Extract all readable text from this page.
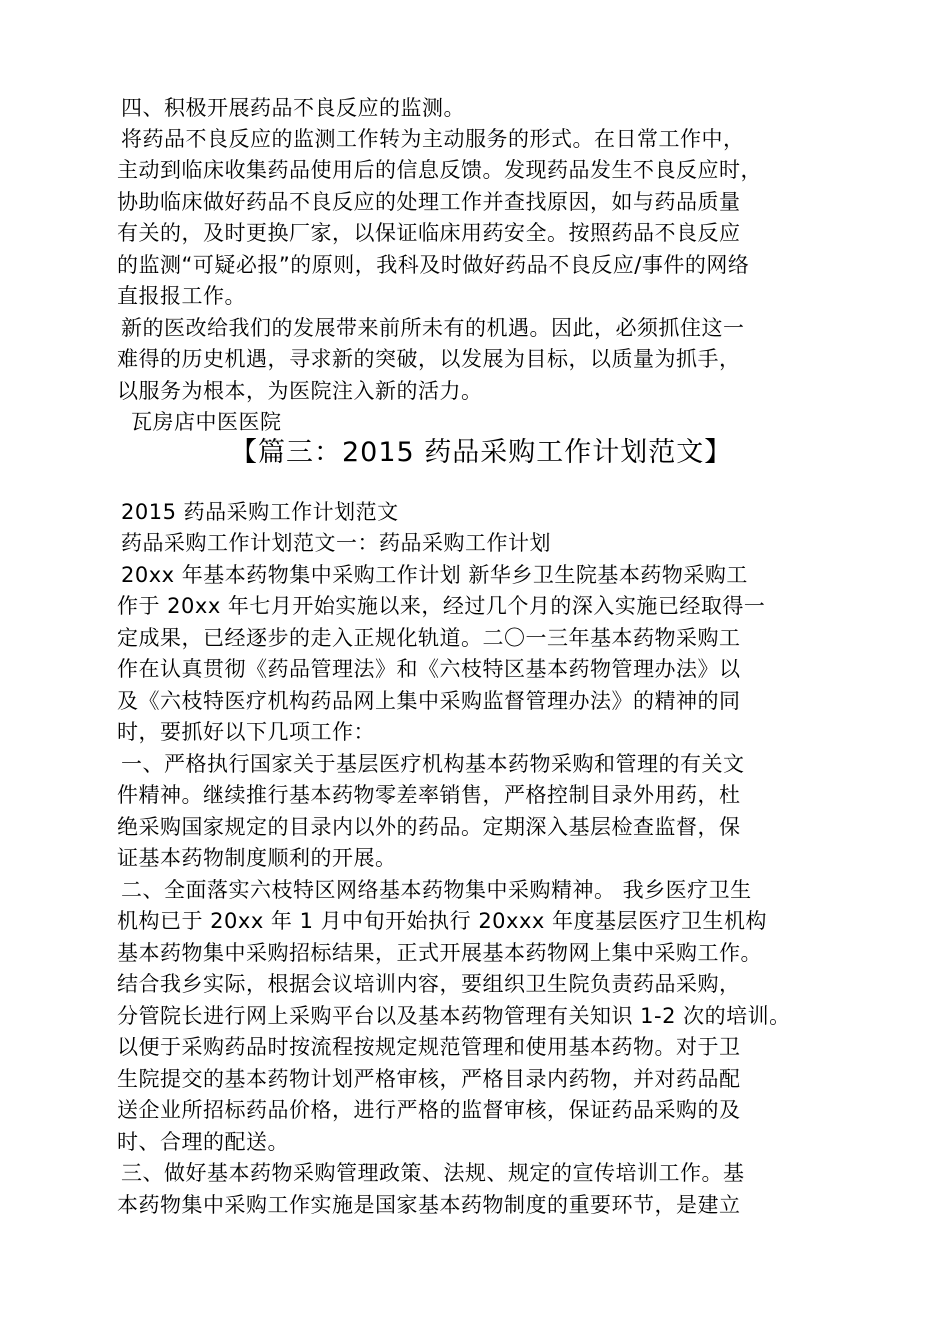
四、积极开展药品不良反应的监测。
将药品不良反应的监测工作转为主动服务的形式。在日常工作中，
主动到临床收集药品使用后的信息反馈。发现药品发生不良反应时，
协助临床做好药品不良反应的处理工作并查找原因，如与药品质量
有关的，及时更换厂家，以保证临床用药安全。按照药品不良反应
的监测“可疑必报”的原则，我科及时做好药品不良反应/事件的网络
直报报工作。
新的医改给我们的发展带来前所未有的机遇。因此，必须抓住这一
难得的历史机遇，寻求新的突破，以发展为目标，以质量为抓手，
以服务为根本，为医院注入新的活力。
瓦房店中医医院
【篇三：2015 药品采购工作计划范文】
2015 药品采购工作计划范文
药品采购工作计划范文一：药品采购工作计划
20xx 年基本药物集中采购工作计划 新华乡卫生院基本药物采购工
作于 20xx 年七月开始实施以来，经过几个月的深入实施已经取得一
定成果，已经逐步的走入正规化轨道。二〇一三年基本药物采购工
作在认真贯彻《药品管理法》和《六枝特区基本药物管理办法》以
及《六枝特医疗机构药品网上集中采购监督管理办法》的精神的同
时，要抓好以下几项工作：
一、严格执行国家关于基层医疗机构基本药物采购和管理的有关文
件精神。继续推行基本药物零差率销售，严格控制目录外用药，杜
绝采购国家规定的目录内以外的药品。定期深入基层检查监督，保
证基本药物制度顺利的开展。
二、全面落实六枝特区网络基本药物集中采购精神。 我乡医疗卫生
机构已于 20xx 年 1 月中旬开始执行 20xxx 年度基层医疗卫生机构
基本药物集中采购招标结果，正式开展基本药物网上集中采购工作。
结合我乡实际，根据会议培训内容，要组织卫生院负责药品采购，
分管院长进行网上采购平台以及基本药物管理有关知识 1-2 次的培训。
以便于采购药品时按流程按规定规范管理和使用基本药物。对于卫
生院提交的基本药物计划严格审核，严格目录内药物，并对药品配
送企业所招标药品价格，进行严格的监督审核，保证药品采购的及
时、合理的配送。
三、做好基本药物采购管理政策、法规、规定的宣传培训工作。基
本药物集中采购工作实施是国家基本药物制度的重要环节，是建立
